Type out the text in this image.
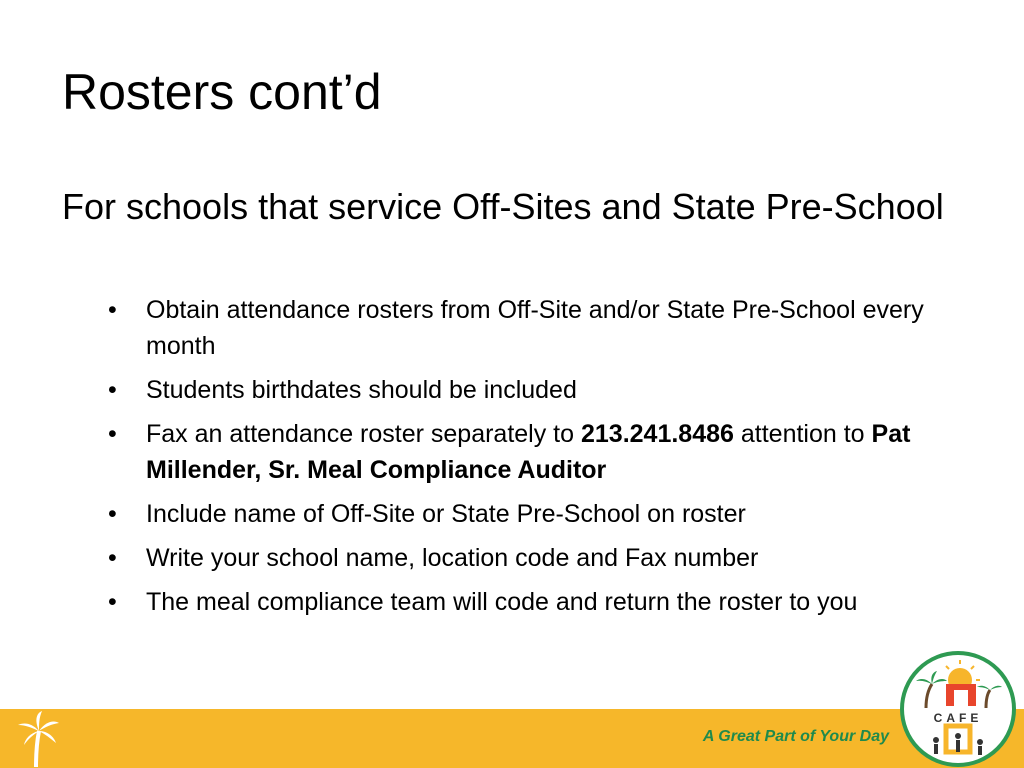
Rosters cont’d

For schools that service Off-Sites and State Pre-School

• Obtain attendance rosters from Off-Site and/or State Pre-School every month
• Students birthdates should be included
• Fax an attendance roster separately to 213.241.8486 attention to Pat Millender, Sr. Meal Compliance Auditor
• Include name of Off-Site or State Pre-School on roster
• Write your school name, location code and Fax number
• The meal compliance team will code and return the roster to you
A Great Part of Your Day
CAFE
